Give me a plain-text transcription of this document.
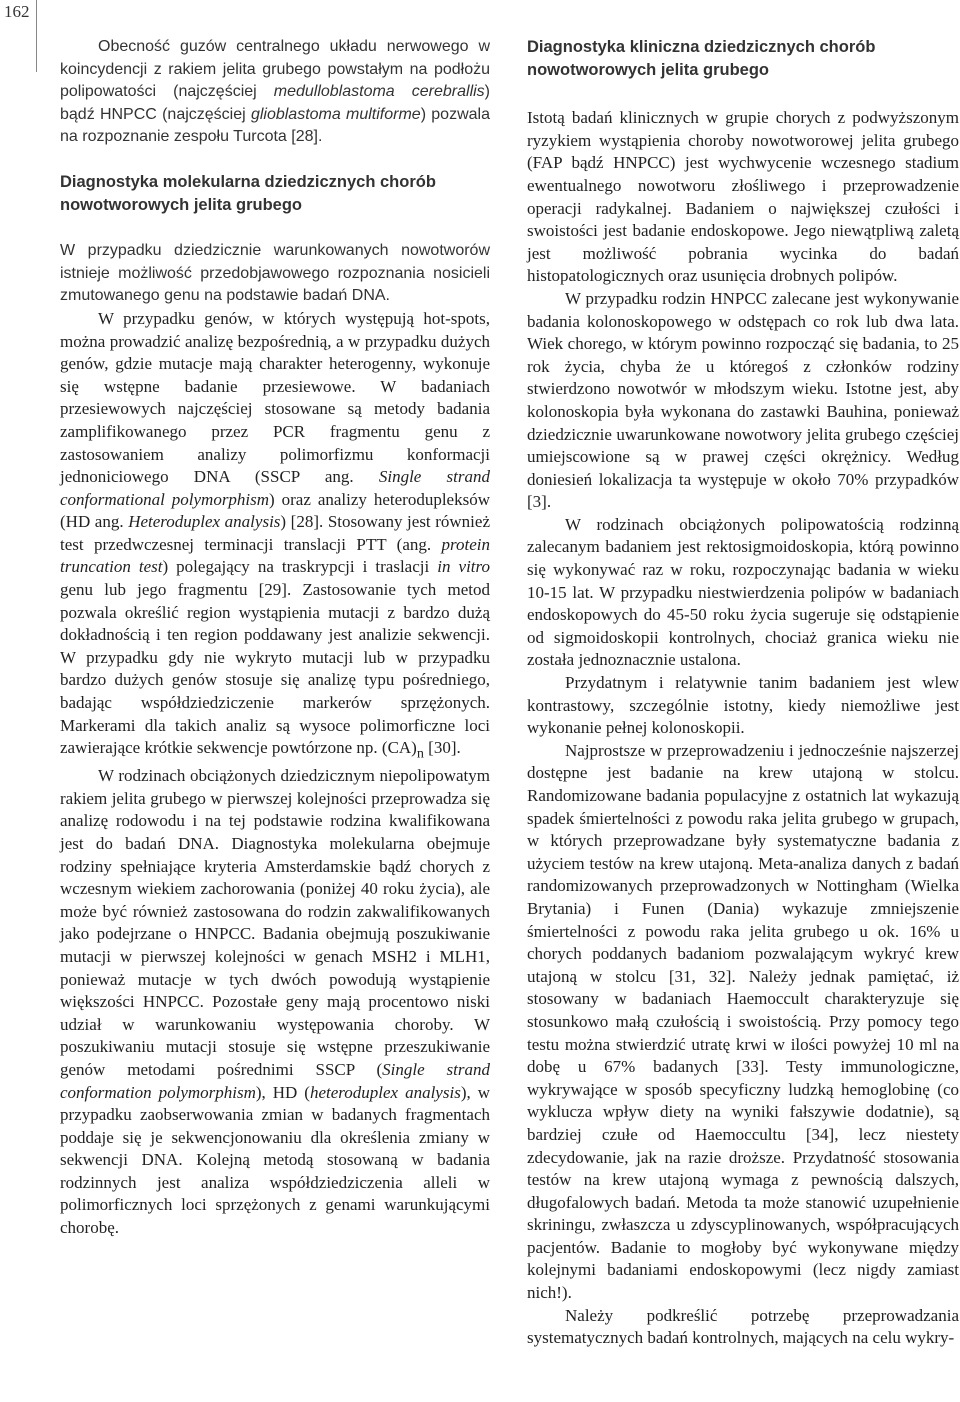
162

Obecność guzów centralnego układu nerwowego w koincydencji z rakiem jelita grubego powstałym na podłożu polipowatości (najczęściej medulloblastoma cerebrallis) bądź HNPCC (najczęściej glioblastoma multiforme) pozwala na rozpoznanie zespołu Turcota [28].

Diagnostyka molekularna dziedzicznych chorób nowotworowych jelita grubego

W przypadku dziedzicznie warunkowanych nowotworów istnieje możliwość przedobjawowego rozpoznania nosicieli zmutowanego genu na podstawie badań DNA.

W przypadku genów, w których występują hot-spots, można prowadzić analizę bezpośrednią, a w przypadku dużych genów, gdzie mutacje mają charakter heterogenny, wykonuje się wstępne badanie przesiewowe. W badaniach przesiewowych najczęściej stosowane są metody badania zamplifikowanego przez PCR fragmentu genu z zastosowaniem analizy polimorfizmu konformacji jednoniciowego DNA (SSCP ang. Single strand conformational polymorphism) oraz analizy heterodupleksów (HD ang. Heteroduplex analysis) [28]. Stosowany jest również test przedwczesnej terminacji translacji PTT (ang. protein truncation test) polegający na traskrypcji i traslacji in vitro genu lub jego fragmentu [29]. Zastosowanie tych metod pozwala określić region wystąpienia mutacji z bardzo dużą dokładnością i ten region poddawany jest analizie sekwencji. W przypadku gdy nie wykryto mutacji lub w przypadku bardzo dużych genów stosuje się analizę typu pośredniego, badając współdziedziczenie markerów sprzężonych. Markerami dla takich analiz są wysoce polimorficzne loci zawierające krótkie sekwencje powtórzone np. $(CA)_n$ [30].

W rodzinach obciążonych dziedzicznym niepolipowatym rakiem jelita grubego w pierwszej kolejności przeprowadza się analizę rodowodu i na tej podstawie rodzina kwalifikowana jest do badań DNA. Diagnostyka molekularna obejmuje rodziny spełniające kryteria Amsterdamskie bądź chorych z wczesnym wiekiem zachorowania (poniżej 40 roku życia), ale może być również zastosowana do rodzin zakwalifikowanych jako podejrzane o HNPCC. Badania obejmują poszukiwanie mutacji w pierwszej kolejności w genach MSH2 i MLH1, ponieważ mutacje w tych dwóch powodują wystąpienie większości HNPCC. Pozostałe geny mają procentowo niski udział w warunkowaniu występowania choroby. W poszukiwaniu mutacji stosuje się wstępne przeszukiwanie genów metodami pośrednimi SSCP (Single strand conformation polymorphism), HD (heteroduplex analysis), w przypadku zaobserwowania zmian w badanych fragmentach poddaje się je sekwencjonowaniu dla określenia zmiany w sekwencji DNA. Kolejną metodą stosowaną w badania rodzinnych jest analiza współdziedziczenia alleli w polimorficznych loci sprzężonych z genami warunkującymi chorobę.

Diagnostyka kliniczna dziedzicznych chorób nowotworowych jelita grubego

Istotą badań klinicznych w grupie chorych z podwyższonym ryzykiem wystąpienia choroby nowotworowej jelita grubego (FAP bądź HNPCC) jest wychwycenie wczesnego stadium ewentualnego nowotworu złośliwego i przeprowadzenie operacji radykalnej. Badaniem o największej czułości i swoistości jest badanie endoskopowe. Jego niewątpliwą zaletą jest możliwość pobrania wycinka do badań histopatologicznych oraz usunięcia drobnych polipów.

W przypadku rodzin HNPCC zalecane jest wykonywanie badania kolonoskopowego w odstępach co rok lub dwa lata. Wiek chorego, w którym powinno rozpocząć się badania, to 25 rok życia, chyba że u któregoś z członków rodziny stwierdzono nowotwór w młodszym wieku. Istotne jest, aby kolonoskopia była wykonana do zastawki Bauhina, ponieważ dziedzicznie uwarunkowane nowotwory jelita grubego częściej umiejscowione są w prawej części okrężnicy. Według doniesień lokalizacja ta występuje w około 70% przypadków [3].

W rodzinach obciążonych polipowatością rodzinną zalecanym badaniem jest rektosigmoidoskopia, którą powinno się wykonywać raz w roku, rozpoczynając badania w wieku 10-15 lat. W przypadku niestwierdzenia polipów w badaniach endoskopowych do 45-50 roku życia sugeruje się odstąpienie od sigmoidoskopii kontrolnych, chociaż granica wieku nie została jednoznacznie ustalona.

Przydatnym i relatywnie tanim badaniem jest wlew kontrastowy, szczególnie istotny, kiedy niemożliwe jest wykonanie pełnej kolonoskopii.

Najprostsze w przeprowadzeniu i jednocześnie najszerzej dostępne jest badanie na krew utajoną w stolcu. Randomizowane badania populacyjne z ostatnich lat wykazują spadek śmiertelności z powodu raka jelita grubego w grupach, w których przeprowadzane były systematyczne badania z użyciem testów na krew utajoną. Meta-analiza danych z badań randomizowanych przeprowadzonych w Nottingham (Wielka Brytania) i Funen (Dania) wykazuje zmniejszenie śmiertelności z powodu raka jelita grubego u ok. 16% u chorych poddanych badaniom pozwalającym wykryć krew utajoną w stolcu [31, 32]. Należy jednak pamiętać, iż stosowany w badaniach Haemoccult charakteryzuje się stosunkowo małą czułością i swoistością. Przy pomocy tego testu można stwierdzić utratę krwi w ilości powyżej 10 ml na dobę u 67% badanych [33]. Testy immunologiczne, wykrywające w sposób specyficzny ludzką hemoglobinę (co wyklucza wpływ diety na wyniki fałszywie dodatnie), są bardziej czułe od Haemoccultu [34], lecz niestety zdecydowanie, jak na razie droższe. Przydatność stosowania testów na krew utajoną wymaga z pewnością dalszych, długofalowych badań. Metoda ta może stanowić uzupełnienie skriningu, zwłaszcza u zdyscyplinowanych, współpracujących pacjentów. Badanie to mogłoby być wykonywane między kolejnymi badaniami endoskopowymi (lecz nigdy zamiast nich!).

Należy podkreślić potrzebę przeprowadzania systematycznych badań kontrolnych, mających na celu wykry-
